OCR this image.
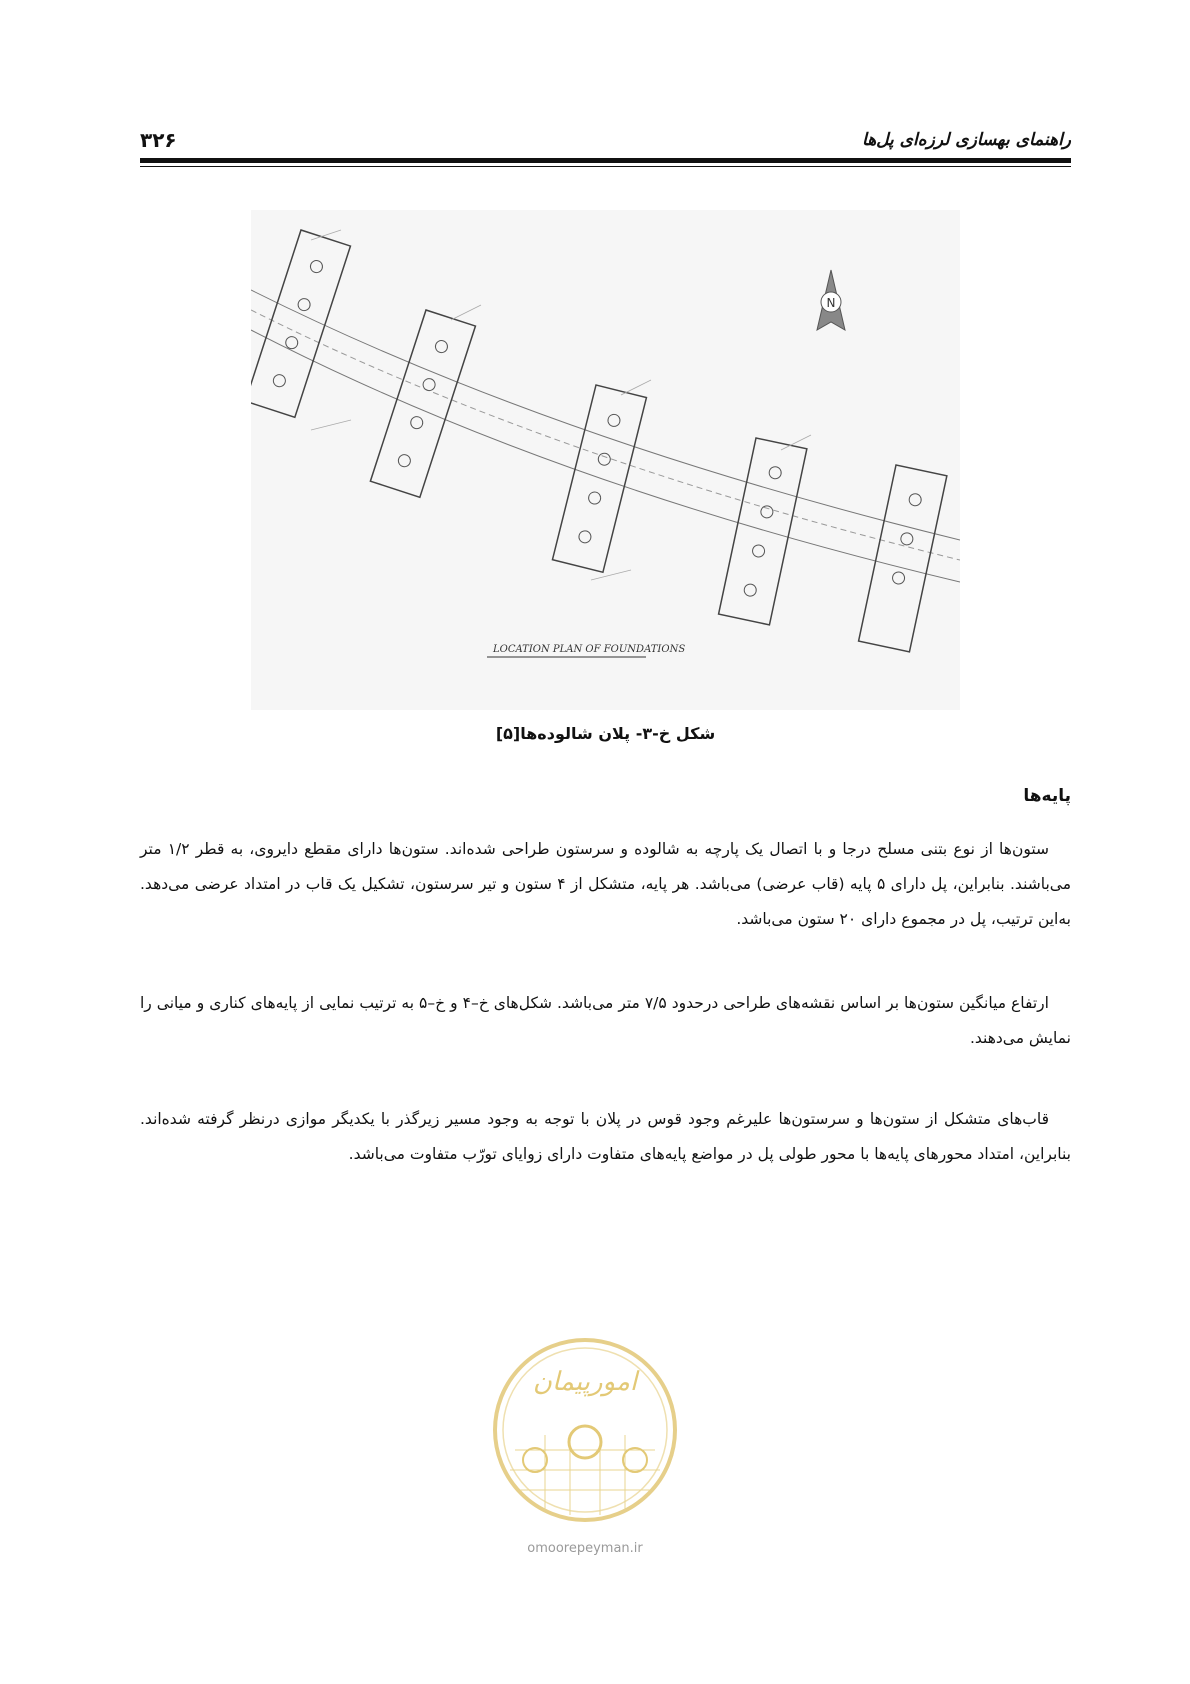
۳۲۶	راهنمای بهسازی لرزه‌ای پل‌ها
N
LOCATION PLAN OF FOUNDATIONS
شکل خ-۳- پلان شالوده‌ها[۵]
پایه‌ها
ستون‌ها از نوع بتنی مسلح درجا و با اتصال یک پارچه به شالوده و سرستون طراحی شده‌اند. ستون‌ها دارای مقطع دایروی، به قطر ۱/۲ متر می‌باشند. بنابراین، پل دارای ۵ پایه (قاب عرضی) می‌باشد. هر پایه، متشکل از ۴ ستون و تیر سرستون، تشکیل یک قاب در امتداد عرضی می‌دهد. به‌این ترتیب، پل در مجموع دارای ۲۰ ستون می‌باشد.
ارتفاع میانگین ستون‌ها بر اساس نقشه‌های طراحی درحدود ۷/۵ متر می‌باشد. شکل‌های خ–۴ و خ–۵ به ترتیب نمایی از پایه‌های کناری و میانی را نمایش می‌دهند.
قاب‌های متشکل از ستون‌ها و سرستون‌ها علیرغم وجود قوس در پلان با توجه به وجود مسیر زیرگذر با یکدیگر موازی درنظر گرفته شده‌اند. بنابراین، امتداد محورهای پایه‌ها با محور طولی پل در مواضع پایه‌های متفاوت دارای زوایای تورّب متفاوت می‌باشد.
امورپیمان
omoorepeyman.ir
